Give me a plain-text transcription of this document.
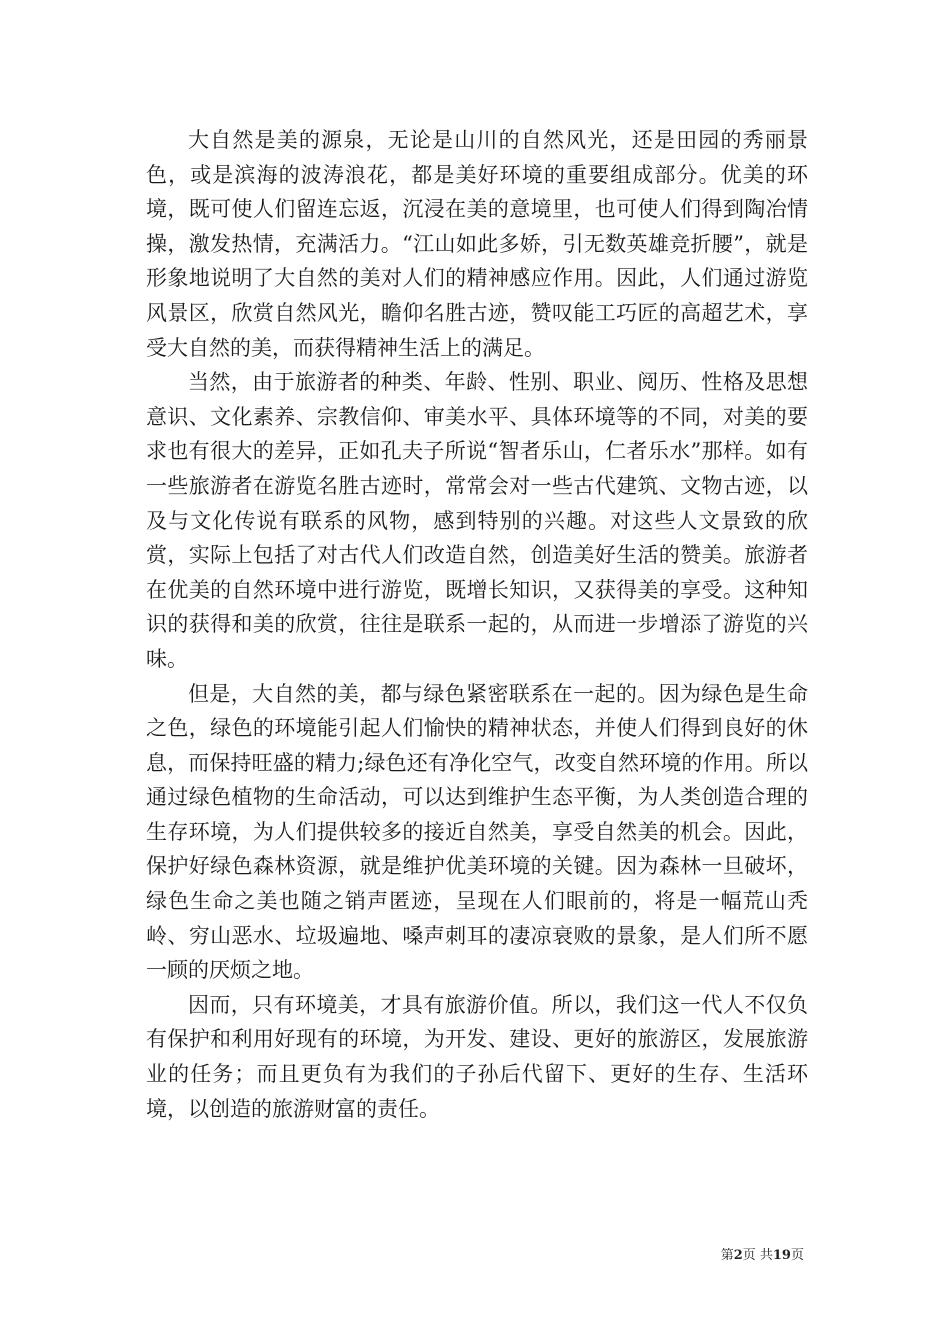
大自然是美的源泉，无论是山川的自然风光，还是田园的秀丽景色，或是滨海的波涛浪花，都是美好环境的重要组成部分。优美的环境，既可使人们留连忘返，沉浸在美的意境里，也可使人们得到陶冶情操，激发热情，充满活力。“江山如此多娇，引无数英雄竞折腰”，就是形象地说明了大自然的美对人们的精神感应作用。因此，人们通过游览风景区，欣赏自然风光，瞻仰名胜古迹，赞叹能工巧匠的高超艺术，享受大自然的美，而获得精神生活上的满足。

当然，由于旅游者的种类、年龄、性别、职业、阅历、性格及思想意识、文化素养、宗教信仰、审美水平、具体环境等的不同，对美的要求也有很大的差异，正如孔夫子所说“智者乐山，仁者乐水”那样。如有一些旅游者在游览名胜古迹时，常常会对一些古代建筑、文物古迹，以及与文化传说有联系的风物，感到特别的兴趣。对这些人文景致的欣赏，实际上包括了对古代人们改造自然，创造美好生活的赞美。旅游者在优美的自然环境中进行游览，既增长知识，又获得美的享受。这种知识的获得和美的欣赏，往往是联系一起的，从而进一步增添了游览的兴味。

但是，大自然的美，都与绿色紧密联系在一起的。因为绿色是生命之色，绿色的环境能引起人们愉快的精神状态，并使人们得到良好的休息，而保持旺盛的精力;绿色还有净化空气，改变自然环境的作用。所以通过绿色植物的生命活动，可以达到维护生态平衡，为人类创造合理的生存环境，为人们提供较多的接近自然美，享受自然美的机会。因此，保护好绿色森林资源，就是维护优美环境的关键。因为森林一旦破坏，绿色生命之美也随之销声匿迹，呈现在人们眼前的，将是一幅荒山秃岭、穷山恶水、垃圾遍地、嗓声刺耳的凄凉衰败的景象，是人们所不愿一顾的厌烦之地。

因而，只有环境美，才具有旅游价值。所以，我们这一代人不仅负有保护和利用好现有的环境，为开发、建设、更好的旅游区，发展旅游业的任务；而且更负有为我们的子孙后代留下、更好的生存、生活环境，以创造的旅游财富的责任。

第2页 共19页
